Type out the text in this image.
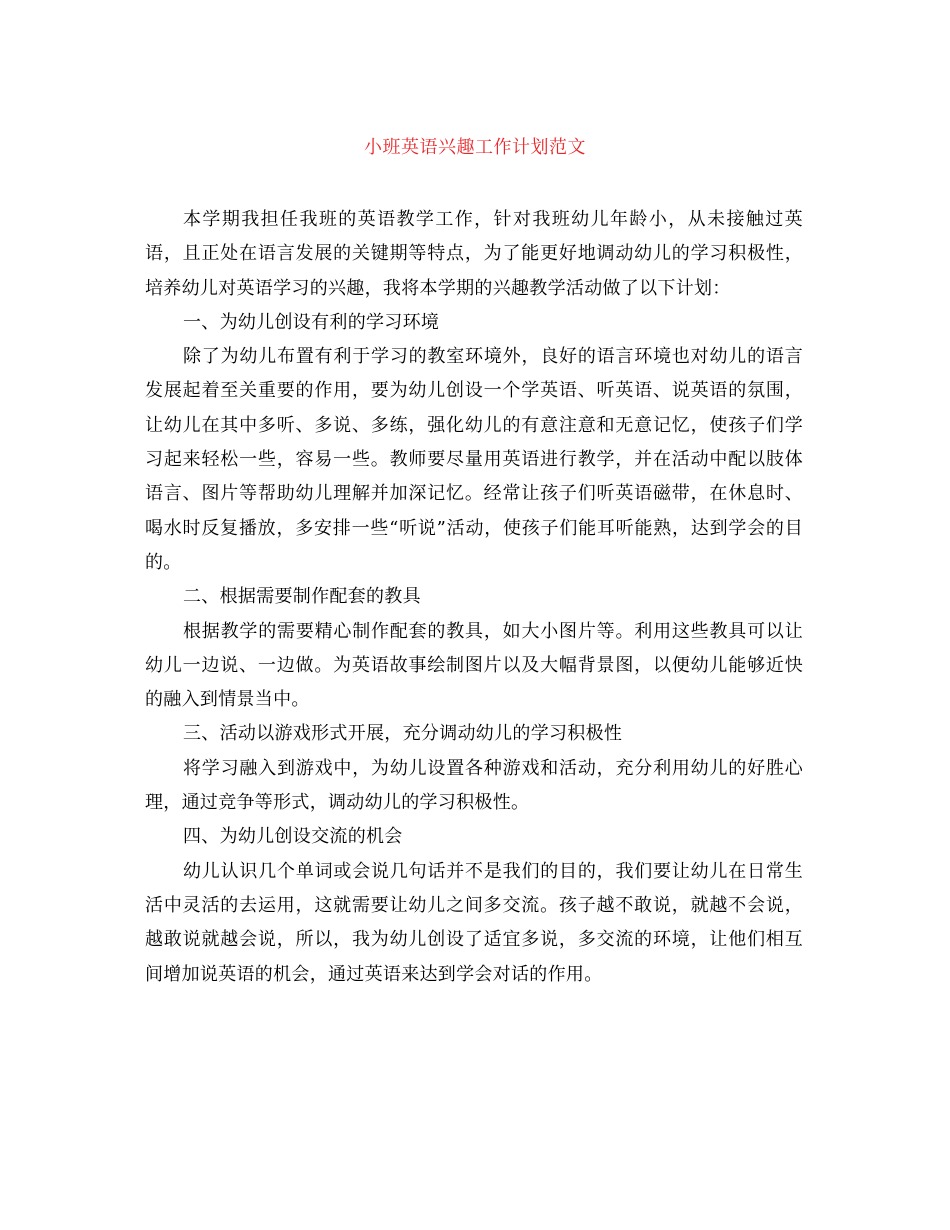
小班英语兴趣工作计划范文

本学期我担任我班的英语教学工作，针对我班幼儿年龄小，从未接触过英语，且正处在语言发展的关键期等特点，为了能更好地调动幼儿的学习积极性，培养幼儿对英语学习的兴趣，我将本学期的兴趣教学活动做了以下计划：

一、为幼儿创设有利的学习环境

除了为幼儿布置有利于学习的教室环境外，良好的语言环境也对幼儿的语言发展起着至关重要的作用，要为幼儿创设一个学英语、听英语、说英语的氛围，让幼儿在其中多听、多说、多练，强化幼儿的有意注意和无意记忆，使孩子们学习起来轻松一些，容易一些。教师要尽量用英语进行教学，并在活动中配以肢体语言、图片等帮助幼儿理解并加深记忆。经常让孩子们听英语磁带，在休息时、喝水时反复播放，多安排一些“听说”活动，使孩子们能耳听能熟，达到学会的目的。

二、根据需要制作配套的教具

根据教学的需要精心制作配套的教具，如大小图片等。利用这些教具可以让幼儿一边说、一边做。为英语故事绘制图片以及大幅背景图，以便幼儿能够近快的融入到情景当中。

三、活动以游戏形式开展，充分调动幼儿的学习积极性

将学习融入到游戏中，为幼儿设置各种游戏和活动，充分利用幼儿的好胜心理，通过竞争等形式，调动幼儿的学习积极性。

四、为幼儿创设交流的机会

幼儿认识几个单词或会说几句话并不是我们的目的，我们要让幼儿在日常生活中灵活的去运用，这就需要让幼儿之间多交流。孩子越不敢说，就越不会说，越敢说就越会说，所以，我为幼儿创设了适宜多说，多交流的环境，让他们相互间增加说英语的机会，通过英语来达到学会对话的作用。
